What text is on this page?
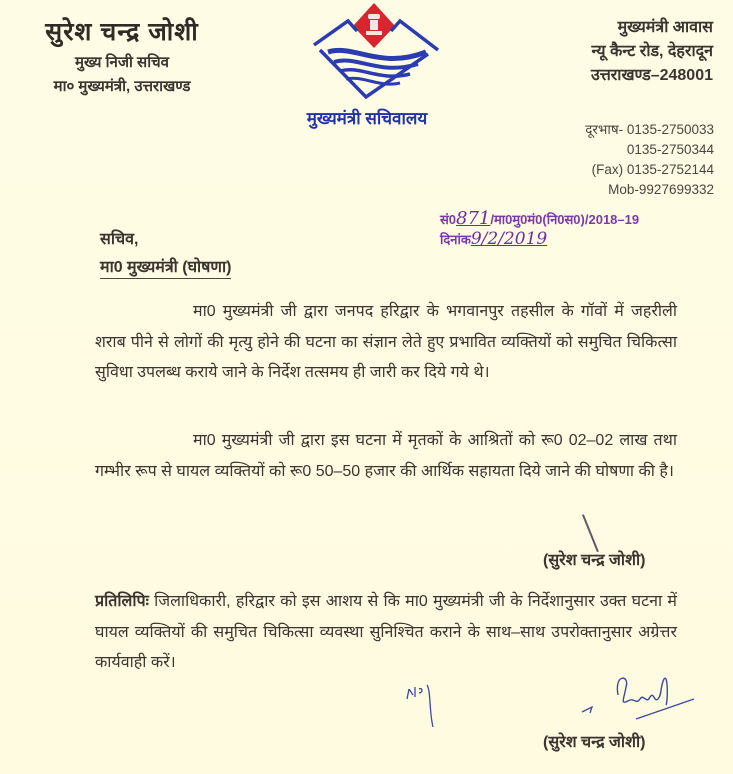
सुरेश चन्द्र जोशी
मुख्य निजी सचिव
मा० मुख्यमंत्री, उत्तराखण्ड
मुख्यमंत्री सचिवालय
मुख्यमंत्री आवास
न्यू कैन्ट रोड, देहरादून
उत्तराखण्ड–248001
दूरभाष- 0135-2750033
0135-2750344
(Fax) 0135-2752144
Mob-9927699332
सं0871/मा0मु0मं0(नि0स0)/2018–19
दिनांक9/2/2019
सचिव,
मा0 मुख्यमंत्री (घोषणा)
मा0 मुख्यमंत्री जी द्वारा जनपद हरिद्वार के भगवानपुर तहसील के गॉवों में जहरीली शराब पीने से लोगों की मृत्यु होने की घटना का संज्ञान लेते हुए प्रभावित व्यक्तियों को समुचित चिकित्सा सुविधा उपलब्ध कराये जाने के निर्देश तत्समय ही जारी कर दिये गये थे।
मा0 मुख्यमंत्री जी द्वारा इस घटना में मृतकों के आश्रितों को रू0 02–02 लाख तथा गम्भीर रूप से घायल व्यक्तियों को रू0 50–50 हजार की आर्थिक सहायता दिये जाने की घोषणा की है।
(सुरेश चन्द्र जोशी)
प्रतिलिपिः जिलाधिकारी, हरिद्वार को इस आशय से कि मा0 मुख्यमंत्री जी के निर्देशानुसार उक्त घटना में घायल व्यक्तियों की समुचित चिकित्सा व्यवस्था सुनिश्चित कराने के साथ–साथ उपरोक्तानुसार अग्रेत्तर कार्यवाही करें।
(सुरेश चन्द्र जोशी)
